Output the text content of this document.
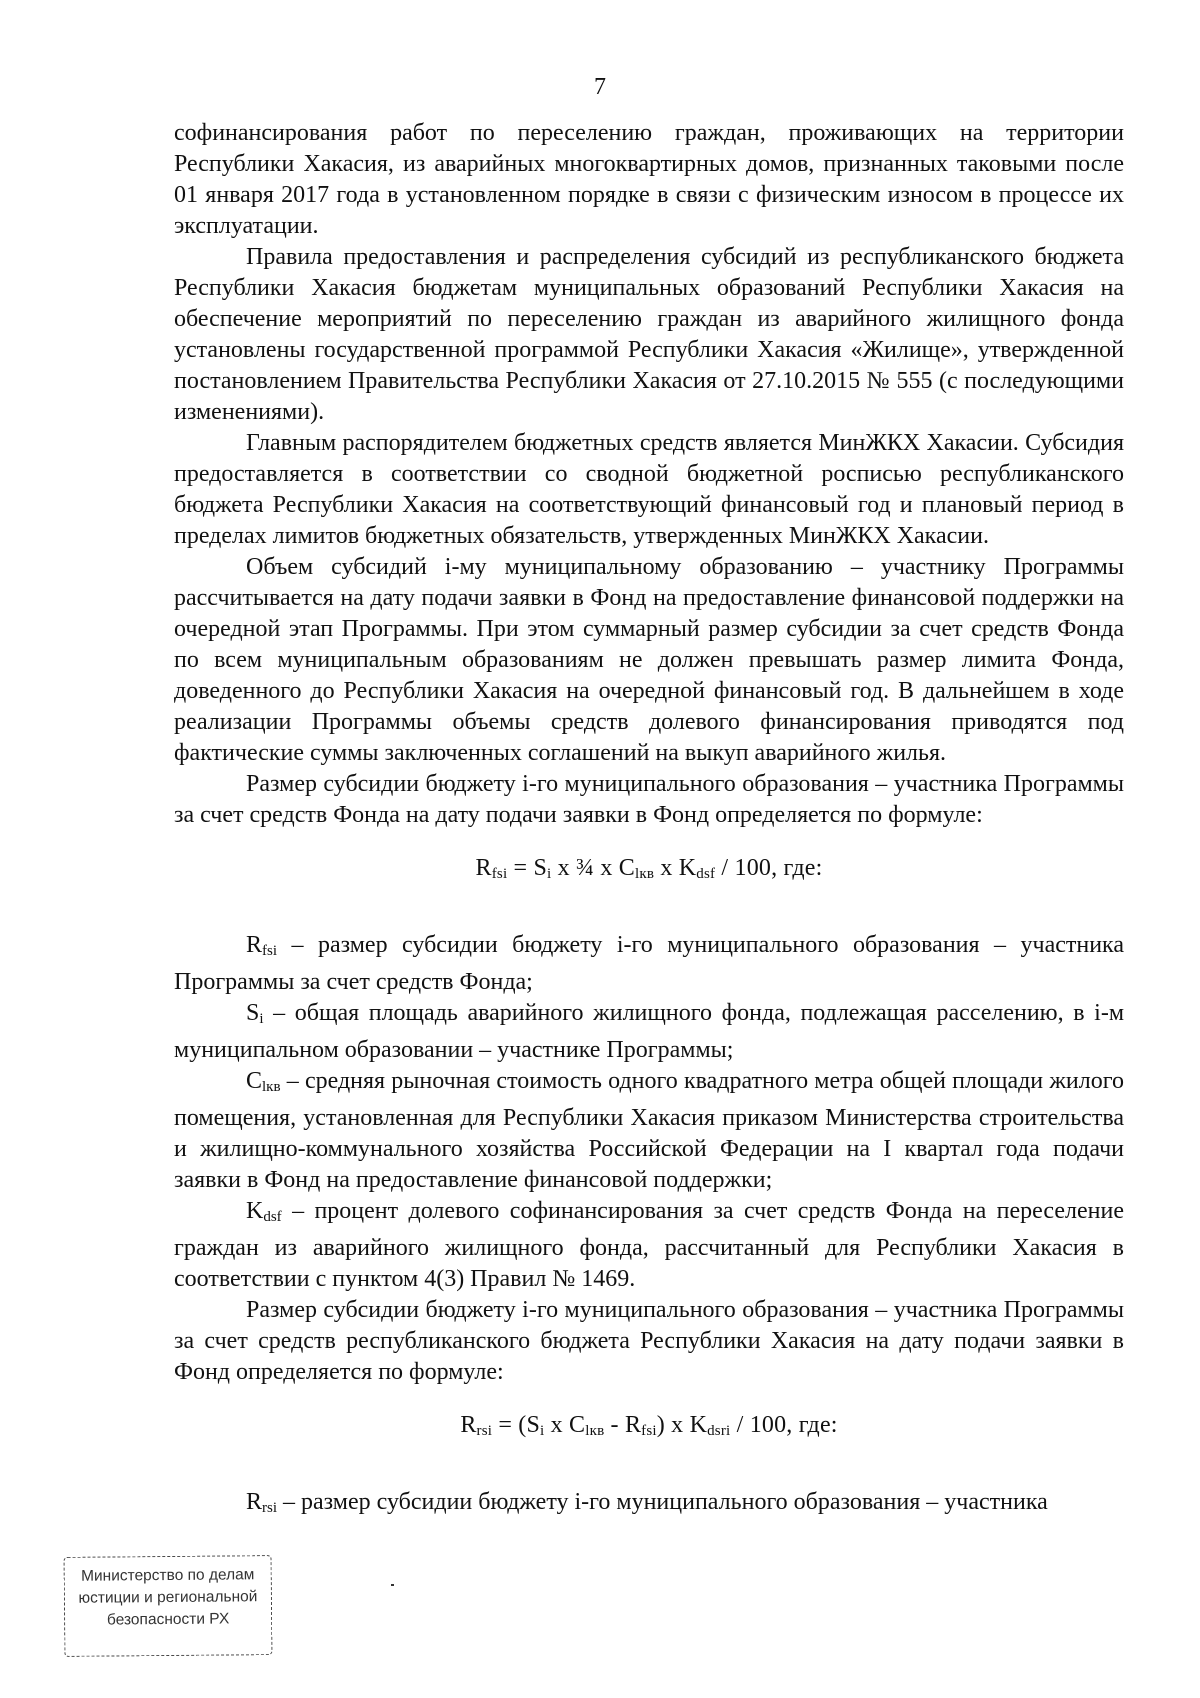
7

софинансирования работ по переселению граждан, проживающих на территории Республики Хакасия, из аварийных многоквартирных домов, признанных таковыми после 01 января 2017 года в установленном порядке в связи с физическим износом в процессе их эксплуатации.

Правила предоставления и распределения субсидий из республиканского бюджета Республики Хакасия бюджетам муниципальных образований Республики Хакасия на обеспечение мероприятий по переселению граждан из аварийного жилищного фонда установлены государственной программой Республики Хакасия «Жилище», утвержденной постановлением Правительства Республики Хакасия от 27.10.2015 № 555 (с последующими изменениями).

Главным распорядителем бюджетных средств является МинЖКХ Хакасии. Субсидия предоставляется в соответствии со сводной бюджетной росписью республиканского бюджета Республики Хакасия на соответствующий финансовый год и плановый период в пределах лимитов бюджетных обязательств, утвержденных МинЖКХ Хакасии.

Объем субсидий i-му муниципальному образованию – участнику Программы рассчитывается на дату подачи заявки в Фонд на предоставление финансовой поддержки на очередной этап Программы. При этом суммарный размер субсидии за счет средств Фонда по всем муниципальным образованиям не должен превышать размер лимита Фонда, доведенного до Республики Хакасия на очередной финансовый год. В дальнейшем в ходе реализации Программы объемы средств долевого финансирования приводятся под фактические суммы заключенных соглашений на выкуп аварийного жилья.

Размер субсидии бюджету i-го муниципального образования – участника Программы за счет средств Фонда на дату подачи заявки в Фонд определяется по формуле:

$R_{fsi} = S_i$ x ¾ x $C_{lкв}$ x $K_{dsf} / 100$, где:

$R_{fsi}$ – размер субсидии бюджету i-го муниципального образования – участника Программы за счет средств Фонда;

$S_i$ – общая площадь аварийного жилищного фонда, подлежащая расселению, в i-м муниципальном образовании – участнике Программы;

$C_{lкв}$ – средняя рыночная стоимость одного квадратного метра общей площади жилого помещения, установленная для Республики Хакасия приказом Министерства строительства и жилищно-коммунального хозяйства Российской Федерации на I квартал года подачи заявки в Фонд на предоставление финансовой поддержки;

$K_{dsf}$ – процент долевого софинансирования за счет средств Фонда на переселение граждан из аварийного жилищного фонда, рассчитанный для Республики Хакасия в соответствии с пунктом 4(3) Правил № 1469.

Размер субсидии бюджету i-го муниципального образования – участника Программы за счет средств республиканского бюджета Республики Хакасия на дату подачи заявки в Фонд определяется по формуле:

$R_{rsi} = (S_i$ x $C_{lкв} - R_{fsi}$) x $K_{dsri} / 100$, где:

$R_{rsi}$ – размер субсидии бюджету i-го муниципального образования – участника

Министерство по делам
юстиции и региональной
безопасности РХ
